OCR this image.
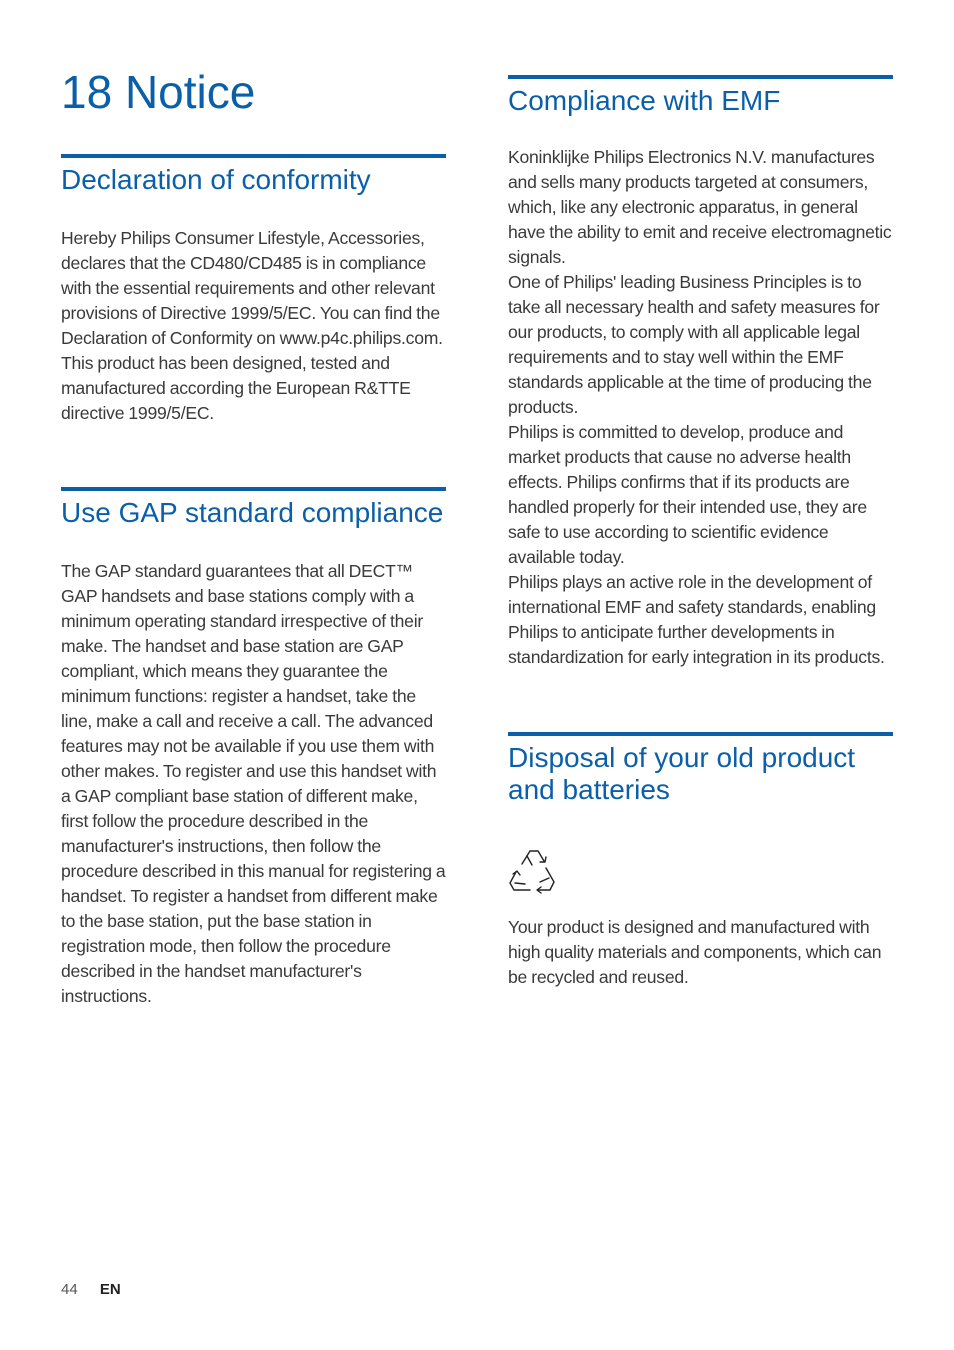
18 Notice
Declaration of conformity

Hereby Philips Consumer Lifestyle, Accessories, declares that the CD480/CD485 is in compliance with the essential requirements and other relevant provisions of Directive 1999/5/EC. You can find the Declaration of Conformity on www.p4c.philips.com.
This product has been designed, tested and manufactured according the European R&TTE directive 1999/5/EC.

Use GAP standard compliance

The GAP standard guarantees that all DECT™ GAP handsets and base stations comply with a minimum operating standard irrespective of their make. The handset and base station are GAP compliant, which means they guarantee the minimum functions: register a handset, take the line, make a call and receive a call. The advanced features may not be available if you use them with other makes. To register and use this handset with a GAP compliant base station of different make, first follow the procedure described in the manufacturer's instructions, then follow the procedure described in this manual for registering a handset. To register a handset from different make to the base station, put the base station in registration mode, then follow the procedure described in the handset manufacturer's instructions.

Compliance with EMF

Koninklijke Philips Electronics N.V. manufactures and sells many products targeted at consumers, which, like any electronic apparatus, in general have the ability to emit and receive electromagnetic signals.
One of Philips' leading Business Principles is to take all necessary health and safety measures for our products, to comply with all applicable legal requirements and to stay well within the EMF standards applicable at the time of producing the products.
Philips is committed to develop, produce and market products that cause no adverse health effects. Philips confirms that if its products are handled properly for their intended use, they are safe to use according to scientific evidence available today.
Philips plays an active role in the development of international EMF and safety standards, enabling Philips to anticipate further developments in standardization for early integration in its products.

Disposal of your old product and batteries

Your product is designed and manufactured with high quality materials and components, which can be recycled and reused.

44 EN
